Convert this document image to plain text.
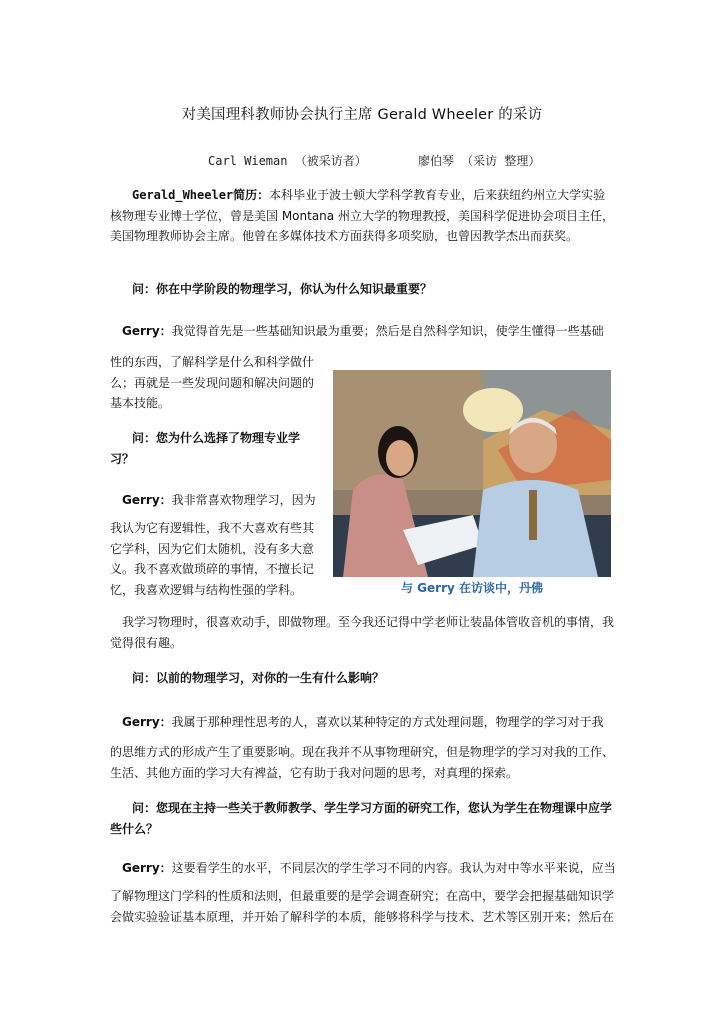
对美国理科教师协会执行主席 Gerald Wheeler 的采访
Carl Wieman （被采访者）	廖伯琴 （采访 整理）
Gerald_Wheeler简历：本科毕业于波士顿大学科学教育专业，后来获纽约州立大学实验核物理专业博士学位，曾是美国 Montana 州立大学的物理教授，美国科学促进协会项目主任，美国物理教师协会主席。他曾在多媒体技术方面获得多项奖励，也曾因教学杰出而获奖。
问：你在中学阶段的物理学习，你认为什么知识最重要？
Gerry：我觉得首先是一些基础知识最为重要；然后是自然科学知识，使学生懂得一些基础
性的东西，了解科学是什么和科学做什么；再就是一些发现问题和解决问题的基本技能。
问：您为什么选择了物理专业学习？
Gerry：我非常喜欢物理学习，因为
我认为它有逻辑性，我不大喜欢有些其它学科，因为它们太随机，没有多大意义。我不喜欢做琐碎的事情，不擅长记忆，我喜欢逻辑与结构性强的学科。	与 Gerry 在访谈中，丹佛
我学习物理时，很喜欢动手，即做物理。至今我还记得中学老师让装晶体管收音机的事情，我觉得很有趣。
问：以前的物理学习，对你的一生有什么影响？
Gerry：我属于那种理性思考的人，喜欢以某种特定的方式处理问题，物理学的学习对于我
的思维方式的形成产生了重要影响。现在我并不从事物理研究，但是物理学的学习对我的工作、生活、其他方面的学习大有裨益，它有助于我对问题的思考，对真理的探索。
问：您现在主持一些关于教师教学、学生学习方面的研究工作，您认为学生在物理课中应学些什么？
Gerry：这要看学生的水平，不同层次的学生学习不同的内容。我认为对中等水平来说，应当
了解物理这门学科的性质和法则，但最重要的是学会调查研究；在高中，要学会把握基础知识学会做实验验证基本原理，并开始了解科学的本质，能够将科学与技术、艺术等区别开来；然后在
